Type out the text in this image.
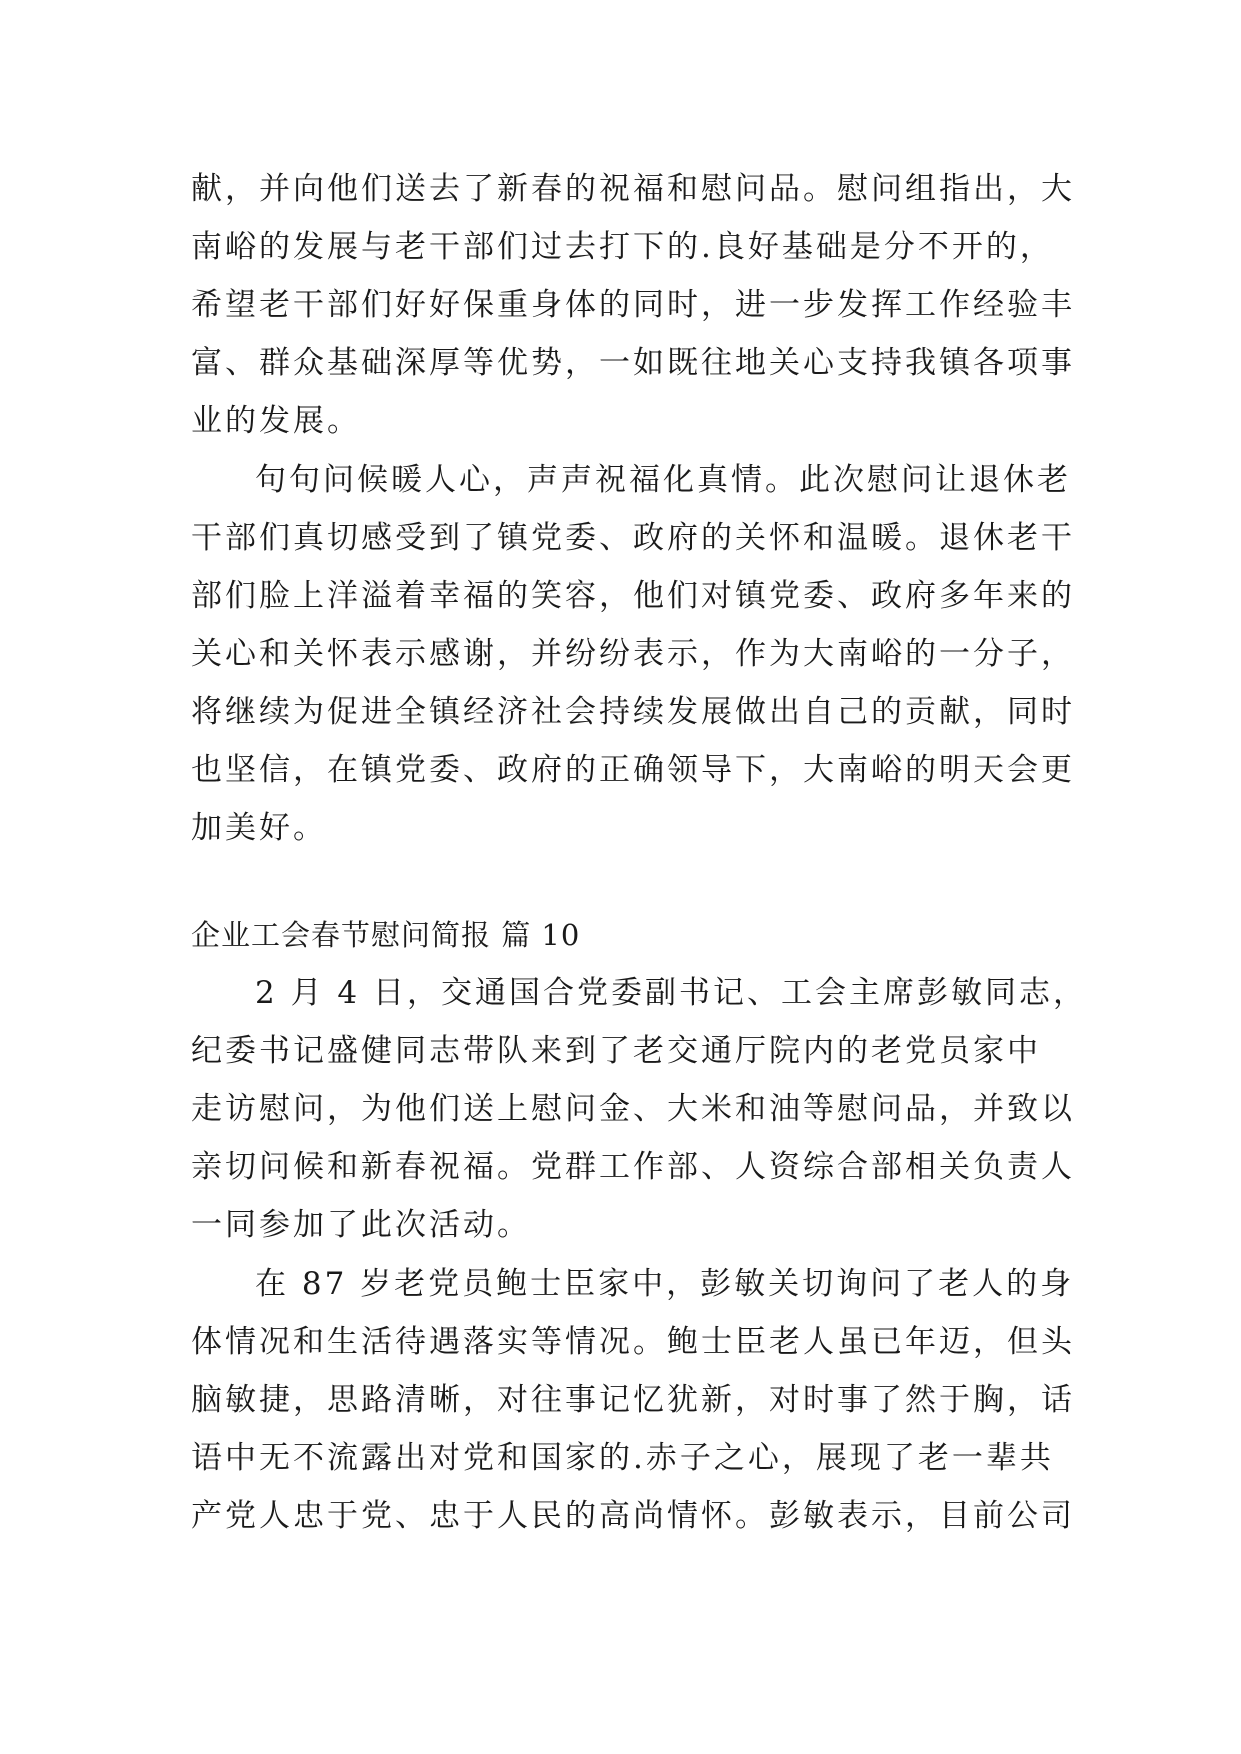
献，并向他们送去了新春的祝福和慰问品。慰问组指出，大
南峪的发展与老干部们过去打下的.良好基础是分不开的，
希望老干部们好好保重身体的同时，进一步发挥工作经验丰
富、群众基础深厚等优势，一如既往地关心支持我镇各项事
业的发展。
句句问候暖人心，声声祝福化真情。此次慰问让退休老
干部们真切感受到了镇党委、政府的关怀和温暖。退休老干
部们脸上洋溢着幸福的笑容，他们对镇党委、政府多年来的
关心和关怀表示感谢，并纷纷表示，作为大南峪的一分子，
将继续为促进全镇经济社会持续发展做出自己的贡献，同时
也坚信，在镇党委、政府的正确领导下，大南峪的明天会更
加美好。
企业工会春节慰问简报 篇 10
2 月 4 日，交通国合党委副书记、工会主席彭敏同志，
纪委书记盛健同志带队来到了老交通厅院内的老党员家中
走访慰问，为他们送上慰问金、大米和油等慰问品，并致以
亲切问候和新春祝福。党群工作部、人资综合部相关负责人
一同参加了此次活动。
在 87 岁老党员鲍士臣家中，彭敏关切询问了老人的身
体情况和生活待遇落实等情况。鲍士臣老人虽已年迈，但头
脑敏捷，思路清晰，对往事记忆犹新，对时事了然于胸，话
语中无不流露出对党和国家的.赤子之心，展现了老一辈共
产党人忠于党、忠于人民的高尚情怀。彭敏表示，目前公司
